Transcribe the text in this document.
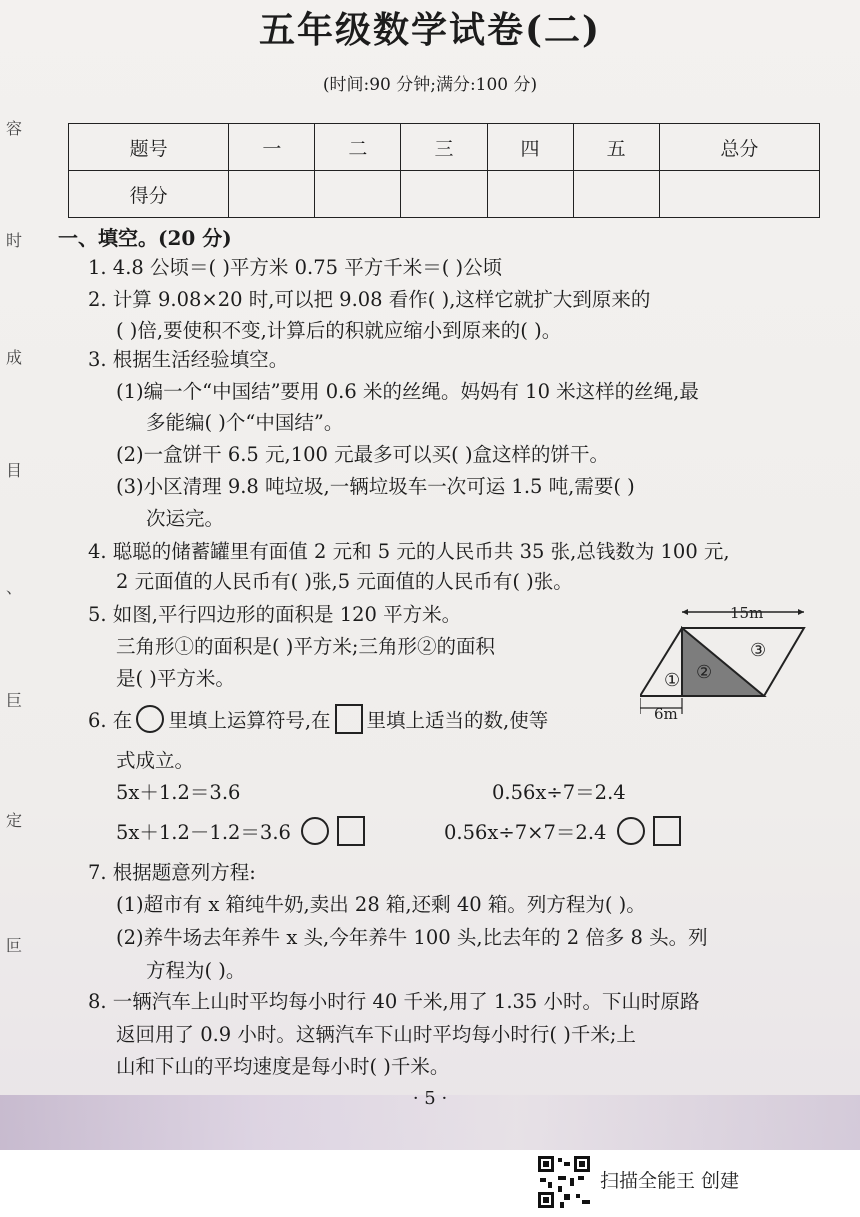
五年级数学试卷(二)
(时间:90 分钟;满分:100 分)
容
时
成
目
、
巨
定
叵
题号	一	二	三	四	五	总分
得分						
一、填空。(20 分)
1. 4.8 公顷＝( )平方米 0.75 平方千米＝( )公顷
2. 计算 9.08×20 时,可以把 9.08 看作( ),这样它就扩大到原来的
( )倍,要使积不变,计算后的积就应缩小到原来的( )。
3. 根据生活经验填空。
(1)编一个“中国结”要用 0.6 米的丝绳。妈妈有 10 米这样的丝绳,最
多能编( )个“中国结”。
(2)一盒饼干 6.5 元,100 元最多可以买( )盒这样的饼干。
(3)小区清理 9.8 吨垃圾,一辆垃圾车一次可运 1.5 吨,需要( )
次运完。
4. 聪聪的储蓄罐里有面值 2 元和 5 元的人民币共 35 张,总钱数为 100 元,
2 元面值的人民币有( )张,5 元面值的人民币有( )张。
5. 如图,平行四边形的面积是 120 平方米。
三角形①的面积是( )平方米;三角形②的面积
是( )平方米。
15m
① ②
③
6m
6. 在 里填上运算符号,在 里填上适当的数,使等
式成立。
5x＋1.2＝3.6	0.56x÷7＝2.4
5x＋1.2－1.2＝3.6	0.56x÷7×7＝2.4
7. 根据题意列方程:
(1)超市有 x 箱纯牛奶,卖出 28 箱,还剩 40 箱。列方程为( )。
(2)养牛场去年养牛 x 头,今年养牛 100 头,比去年的 2 倍多 8 头。列
方程为( )。
8. 一辆汽车上山时平均每小时行 40 千米,用了 1.35 小时。下山时原路
返回用了 0.9 小时。这辆汽车下山时平均每小时行( )千米;上
山和下山的平均速度是每小时( )千米。
· 5 ·
扫描全能王 创建
